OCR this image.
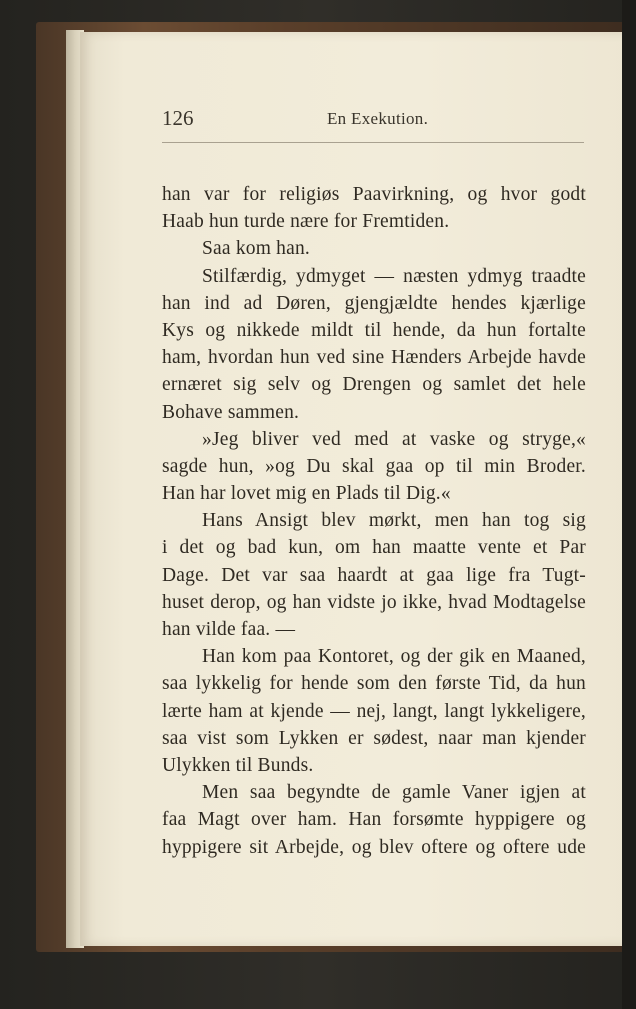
126	En Exekution.
han var for religiøs Paavirkning, og hvor godt
Haab hun turde nære for Fremtiden.
Saa kom han.
Stilfærdig, ydmyget — næsten ydmyg traadte
han ind ad Døren, gjengjældte hendes kjærlige
Kys og nikkede mildt til hende, da hun fortalte
ham, hvordan hun ved sine Hænders Arbejde havde
ernæret sig selv og Drengen og samlet det hele
Bohave sammen.
»Jeg bliver ved med at vaske og stryge,«
sagde hun, »og Du skal gaa op til min Broder.
Han har lovet mig en Plads til Dig.«
Hans Ansigt blev mørkt, men han tog sig
i det og bad kun, om han maatte vente et Par
Dage. Det var saa haardt at gaa lige fra Tugt-
huset derop, og han vidste jo ikke, hvad Modtagelse
han vilde faa. —
Han kom paa Kontoret, og der gik en Maaned,
saa lykkelig for hende som den første Tid, da hun
lærte ham at kjende — nej, langt, langt lykkeligere,
saa vist som Lykken er sødest, naar man kjender
Ulykken til Bunds.
Men saa begyndte de gamle Vaner igjen at
faa Magt over ham. Han forsømte hyppigere og
hyppigere sit Arbejde, og blev oftere og oftere ude
